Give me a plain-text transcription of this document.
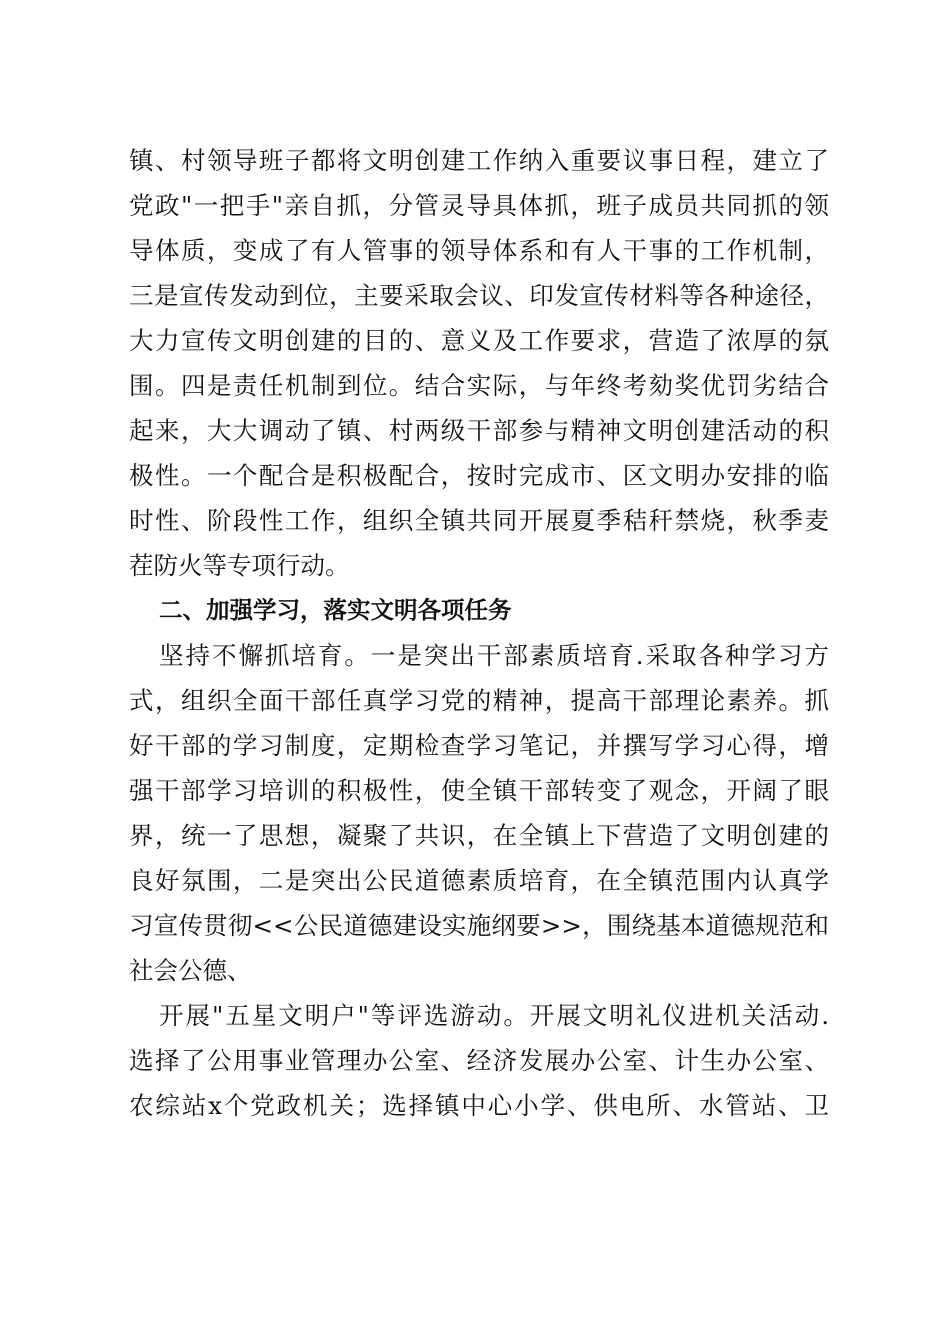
镇、村领导班子都将文明创建工作纳入重要议事日程，建立了
党政"一把手"亲自抓，分管灵导具体抓，班子成员共同抓的领
导体质，变成了有人管事的领导体系和有人干事的工作机制，
三是宣传发动到位，主要采取会议、印发宣传材料等各种途径，
大力宣传文明创建的目的、意义及工作要求，营造了浓厚的氛
围。四是责任机制到位。结合实际，与年终考劾奖优罚劣结合
起来，大大调动了镇、村两级干部参与精神文明创建活动的积
极性。一个配合是积极配合，按时完成市、区文明办安排的临
时性、阶段性工作，组织全镇共同开展夏季秸秆禁烧，秋季麦
茬防火等专项行动。
二、加强学习，落实文明各项任务
坚持不懈抓培育。一是突出干部素质培育.采取各种学习方
式，组织全面干部任真学习党的精神，提高干部理论素养。抓
好干部的学习制度，定期检查学习笔记，并撰写学习心得，增
强干部学习培训的积极性，使全镇干部转变了观念，开阔了眼
界，统一了思想，凝聚了共识，在全镇上下营造了文明创建的
良好氛围，二是突出公民道德素质培育，在全镇范围内认真学
习宣传贯彻<<公民道德建设实施纲要>>，围绕基本道德规范和
社会公德、
开展"五星文明户"等评选游动。开展文明礼仪进机关活动.
选择了公用事业管理办公室、经济发展办公室、计生办公室、
农综站x个党政机关；选择镇中心小学、供电所、水管站、卫
